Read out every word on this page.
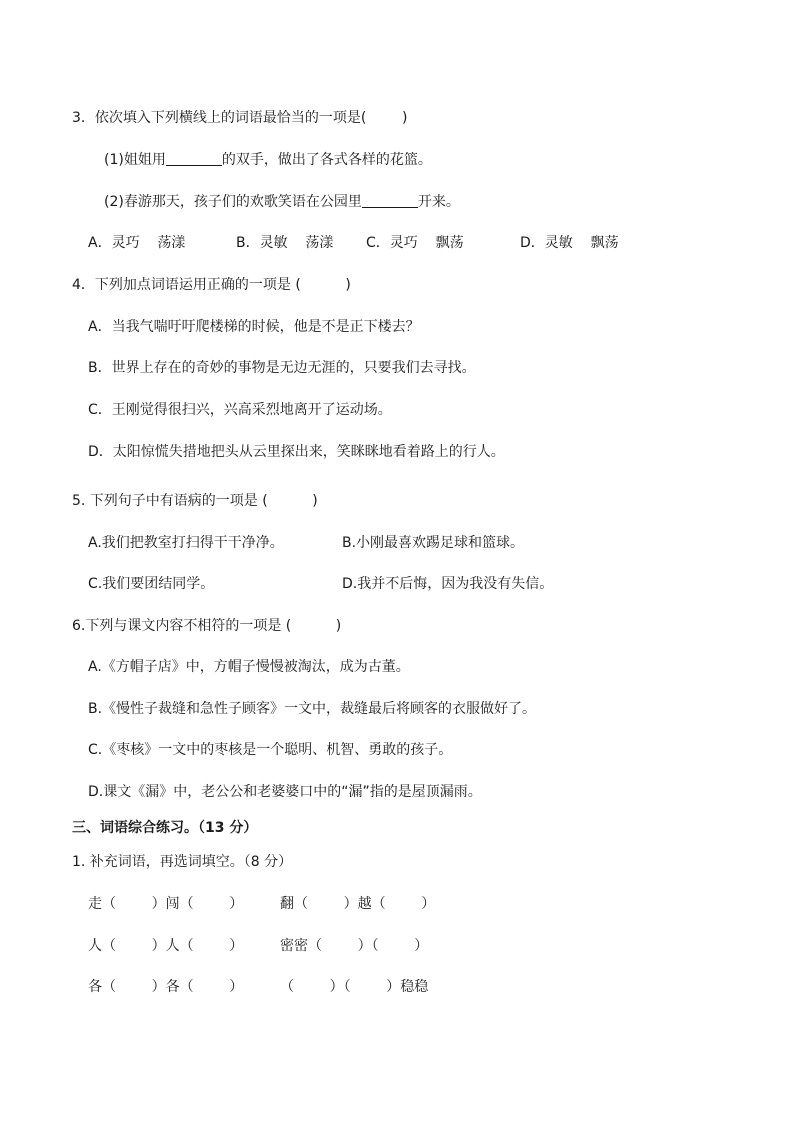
3．依次填入下列横线上的词语最恰当的一项是(        )
(1)姐姐用	的双手，做出了各式各样的花篮。
(2)春游那天，孩子们的欢歌笑语在公园里	开来。
A．灵巧    荡漾	B．灵敏    荡漾 C．灵巧    飘荡	D．灵敏    飘荡
4．下列加点词语运用正确的一项是 (          )
A．当我气喘吁吁爬楼梯的时候，他是不是正下楼去？
B．世界上存在的奇妙的事物是无边无涯的，只要我们去寻找。
C．王刚觉得很扫兴，兴高采烈地离开了运动场。
D．太阳惊慌失措地把头从云里探出来，笑眯眯地看着路上的行人。
5. 下列句子中有语病的一项是 (          )
A.我们把教室打扫得干干净净。	B.小刚最喜欢踢足球和篮球。
C.我们要团结同学。	D.我并不后悔，因为我没有失信。
6.下列与课文内容不相符的一项是 (          )
A.《方帽子店》中，方帽子慢慢被淘汰，成为古董。
B.《慢性子裁缝和急性子顾客》一文中，裁缝最后将顾客的衣服做好了。
C.《枣核》一文中的枣核是一个聪明、机智、勇敢的孩子。
D.课文《漏》中，老公公和老婆婆口中的“漏”指的是屋顶漏雨。
三、词语综合练习。（13 分）
1. 补充词语，再选词填空。（8 分）
走（        ）闯（        ）	翻（        ）越（        ）
人（        ）人（        ）	密密（        ）（        ）
各（        ）各（        ）	（        ）（        ）稳稳
